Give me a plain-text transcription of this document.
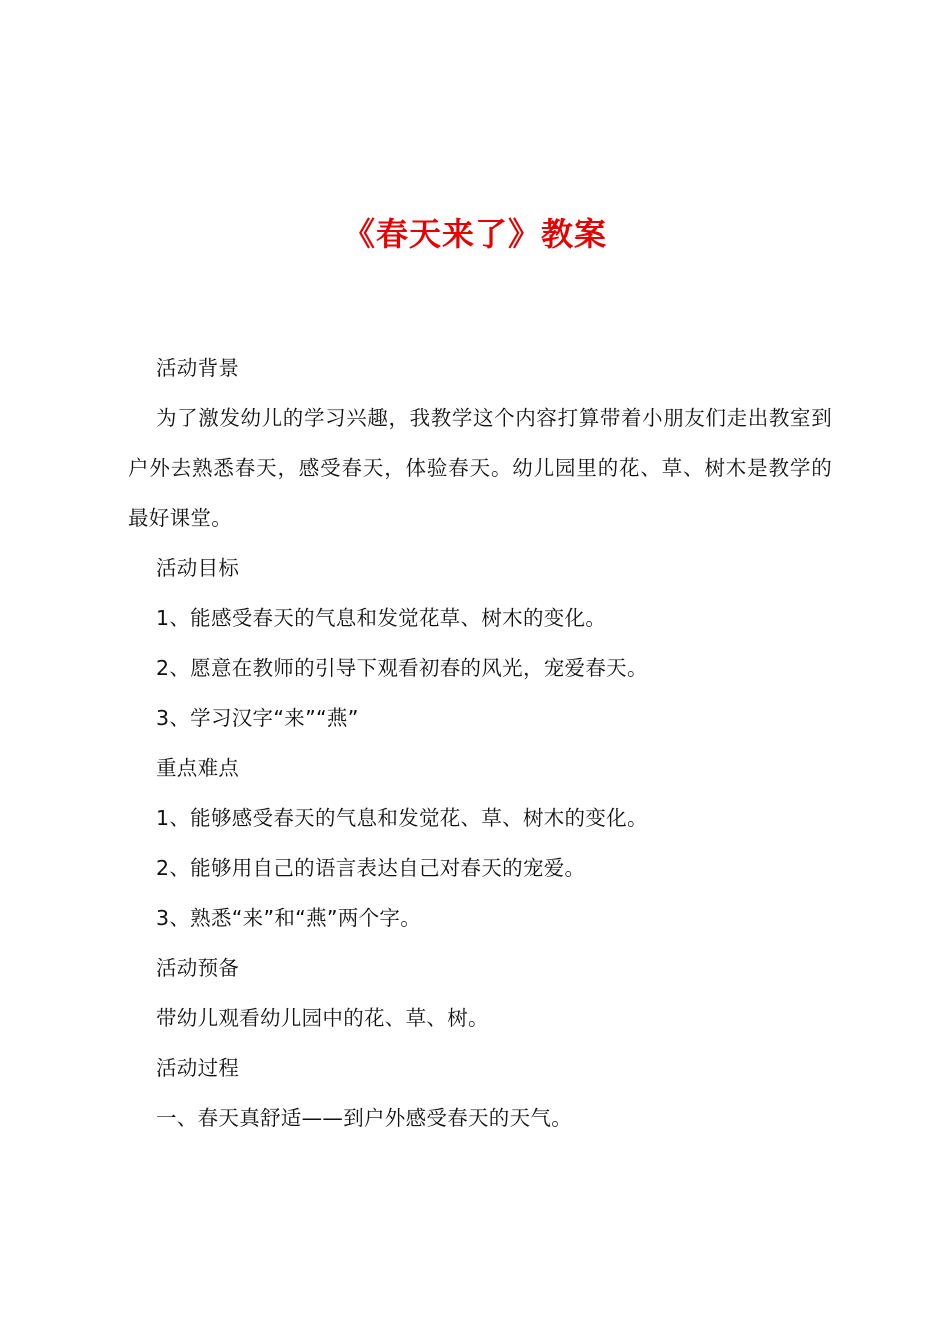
《春天来了》教案

活动背景

为了激发幼儿的学习兴趣，我教学这个内容打算带着小朋友们走出教室到户外去熟悉春天，感受春天，体验春天。幼儿园里的花、草、树木是教学的最好课堂。

活动目标

1、能感受春天的气息和发觉花草、树木的变化。

2、愿意在教师的引导下观看初春的风光，宠爱春天。

3、学习汉字“来”“燕”

重点难点

1、能够感受春天的气息和发觉花、草、树木的变化。

2、能够用自己的语言表达自己对春天的宠爱。

3、熟悉“来”和“燕”两个字。

活动预备

带幼儿观看幼儿园中的花、草、树。

活动过程

一、春天真舒适——到户外感受春天的天气。
